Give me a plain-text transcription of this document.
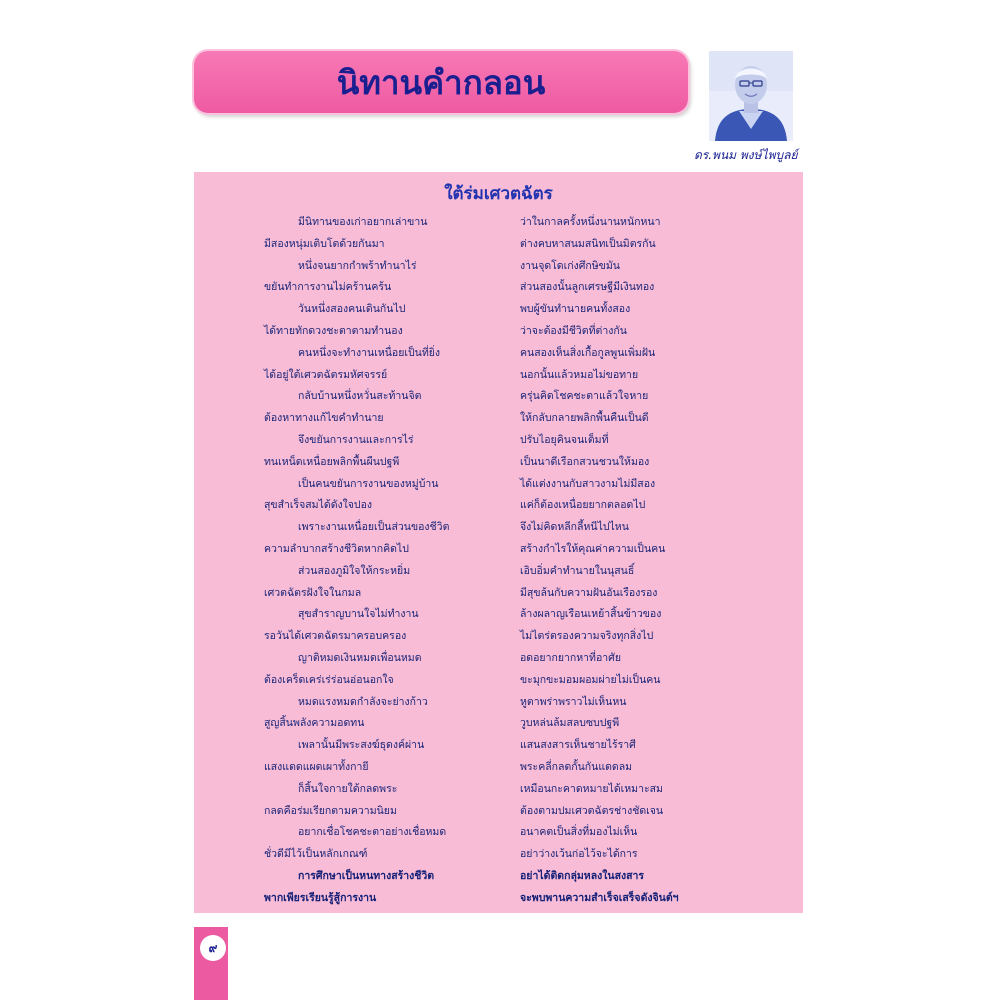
นิทานคำกลอน
ดร.พนม พงษ์ไพบูลย์
ใต้ร่มเศวตฉัตร
มีนิทานของเก่าอยากเล่าขาน
มีสองหนุ่มเติบโตด้วยกันมา
หนึ่งจนยากกำพร้าทำนาไร่
ขยันทำการงานไม่คร้านคร้น
วันหนึ่งสองคนเดินกันไป
ได้ทายทักดวงชะตาตามทำนอง
คนหนึ่งจะทำงานเหนื่อยเป็นที่ยิ่ง
ได้อยู่ใต้เศวตฉัตรมหัศจรรย์
กลับบ้านหนึ่งหวั่นสะท้านจิต
ต้องหาทางแก้ไขคำทำนาย
จึงขยันการงานและการไร่
ทนเหน็ดเหนื่อยพลิกพื้นผืนปฐพี
เป็นคนขยันการงานของหมู่บ้าน
สุขสำเร็จสมได้ดังใจปอง
เพราะงานเหนื่อยเป็นส่วนของชีวิต
ความลำบากสร้างชีวิตหากคิดไป
ส่วนสองภูมิใจให้กระหยิ่ม
เศวตฉัตรฝังใจในกมล
สุขสำราญบานใจไม่ทำงาน
รอวันได้เศวตฉัตรมาครอบครอง
ญาติหมดเงินหมดเพื่อนหมด
ต้องเคร็ดเคร่เร่ร่อนอ่อนอกใจ
หมดแรงหมดกำลังจะย่างก้าว
สูญสิ้นพลังความอดทน
เพลานั้นมีพระสงฆ์ธุดงค์ผ่าน
แสงแดดแผดเผาทั้งกายี
ก็สิ้นใจกายใต้กลดพระ
กลดคือร่มเรียกตามความนิยม
อยากเชื่อโชคชะตาอย่างเชื่อหมด
ชั่วดีมีไว้เป็นหลักเกณฑ์
การศึกษาเป็นหนทางสร้างชีวิต
พากเพียรเรียนรู้สู้การงาน
ว่าในกาลครั้งหนึ่งนานหนักหนา
ต่างคบหาสนมสนิทเป็นมิตรกัน
งานจุดโดเก่งศึกษิขมัน
ส่วนสองนั้นลูกเศรษฐีมีเงินทอง
พบผู้ขันทำนายคนทั้งสอง
ว่าจะต้องมีชีวิตที่ต่างกัน
คนสองเห็นสิ่งเกื้อกูลพูนเพิ่มฝัน
นอกนั้นแล้วหมอไม่ขอทาย
ครุ่นคิดโชคชะตาแล้วใจหาย
ให้กลับกลายพลิกพื้นคืนเป็นดี
ปรับไอยุคินจนเต็มที่
เป็นนาดีเรือกสวนชวนให้มอง
ได้แต่งงานกับสาวงามไม่มีสอง
แค่ก็ต้องเหนื่อยยากตลอดไป
จึงไม่คิดหลีกลี้หนีไปไหน
สร้างกำไรให้คุณค่าความเป็นคน
เอิบอิ่มคำทำนายในนุสนธิ์
มีสุขล้นกับความฝันอันเรืองรอง
ล้างผลาญเรือนเหย้าสิ้นข้าวของ
ไม่ไตร่ตรองความจริงทุกสิ่งไป
อดอยากยากหาที่อาศัย
ขะมุกขะมอมผอมผ่ายไม่เป็นคน
หูตาพร่าพราวไม่เห็นหน
วูบหล่นล้มสลบซบปฐพี
แสนสงสารเห็นชายไร้ราศี
พระคลี่กลดกั้นกันแดดลม
เหมือนกะคาดหมายได้เหมาะสม
ต้องตามปมเศวตฉัตรช่างชัดเจน
อนาคตเป็นสิ่งที่มองไม่เห็น
อย่าว่างเว้นก่อไว้จะได้การ
อย่าได้ติดกลุ่มหลงในสงสาร
จะพบพานความสำเร็จเสร็จดังจินต์ฯ
๙
